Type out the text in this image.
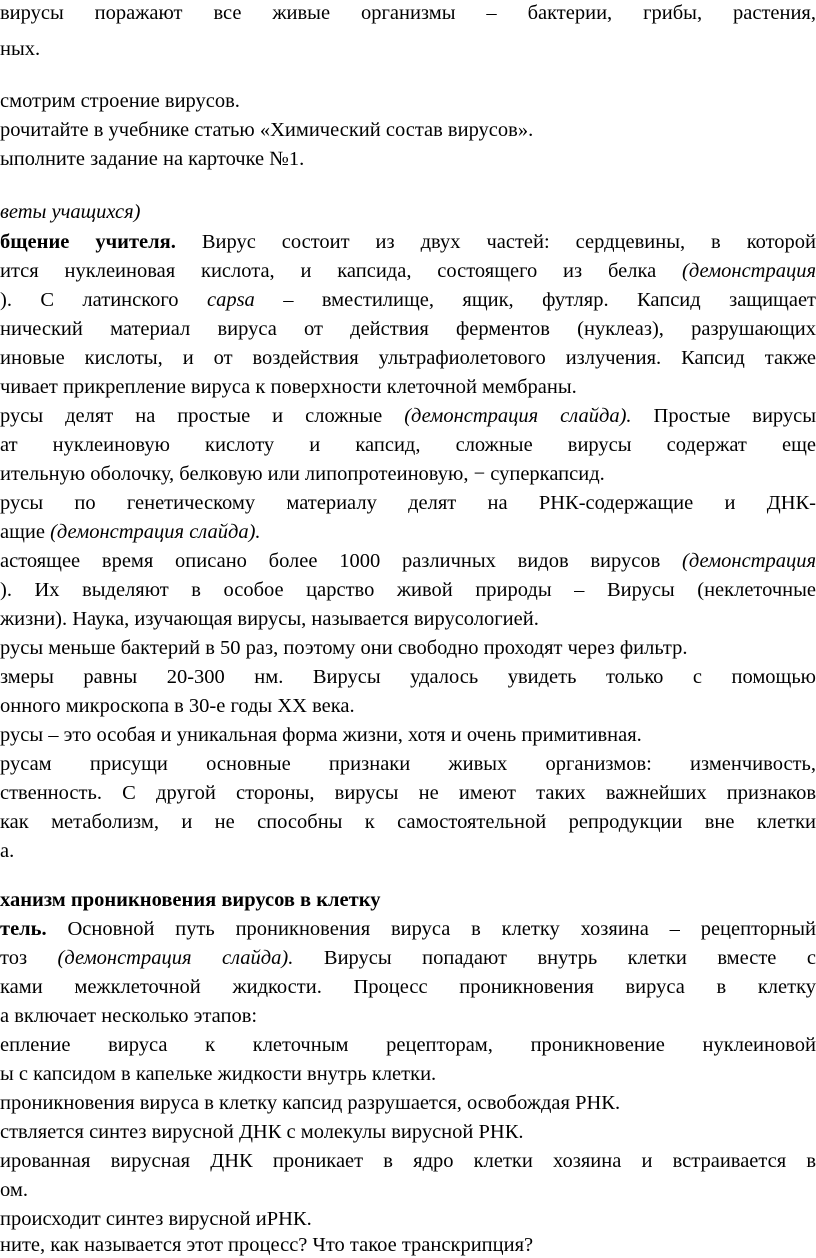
вирусы поражают все живые организмы – бактерии, грибы, растения,
ных.
смотрим строение вирусов.
рочитайте в учебнике статью «Химический состав вирусов».
ыполните задание на карточке №1.
веты учащихся)
бщение учителя. Вирус состоит из двух частей: сердцевины, в которой
ится нуклеиновая кислота, и капсида, состоящего из белка (демонстрация
). С латинского capsa – вместилище, ящик, футляр. Капсид защищает
нический материал вируса от действия ферментов (нуклеаз), разрушающих
иновые кислоты, и от воздействия ультрафиолетового излучения. Капсид также
чивает прикрепление вируса к поверхности клеточной мембраны.
русы делят на простые и сложные (демонстрация слайда). Простые вирусы
ат нуклеиновую кислоту и капсид, сложные вирусы содержат еще
ительную оболочку, белковую или липопротеиновую, − суперкапсид.
русы по генетическому материалу делят на РНК-содержащие и ДНК-
ащие (демонстрация слайда).
астоящее время описано более 1000 различных видов вирусов (демонстрация
). Их выделяют в особое царство живой природы – Вирусы (неклеточные
жизни). Наука, изучающая вирусы, называется вирусологией.
русы меньше бактерий в 50 раз, поэтому они свободно проходят через фильтр.
змеры равны 20-300 нм. Вирусы удалось увидеть только с помощью
онного микроскопа в 30-е годы XX века.
русы – это особая и уникальная форма жизни, хотя и очень примитивная.
русам присущи основные признаки живых организмов: изменчивость,
ственность. С другой стороны, вирусы не имеют таких важнейших признаков
как метаболизм, и не способны к самостоятельной репродукции вне клетки
а.
ханизм проникновения вирусов в клетку
тель. Основной путь проникновения вируса в клетку хозяина – рецепторный
тоз (демонстрация слайда). Вирусы попадают внутрь клетки вместе с
ками межклеточной жидкости. Процесс проникновения вируса в клетку
а включает несколько этапов:
епление вируса к клеточным рецепторам, проникновение нуклеиновой
ы с капсидом в капельке жидкости внутрь клетки.
проникновения вируса в клетку капсид разрушается, освобождая РНК.
ствляется синтез вирусной ДНК с молекулы вирусной РНК.
ированная вирусная ДНК проникает в ядро клетки хозяина и встраивается в
ом.
происходит синтез вирусной иРНК.
ните, как называется этот процесс? Что такое транскрипция?
